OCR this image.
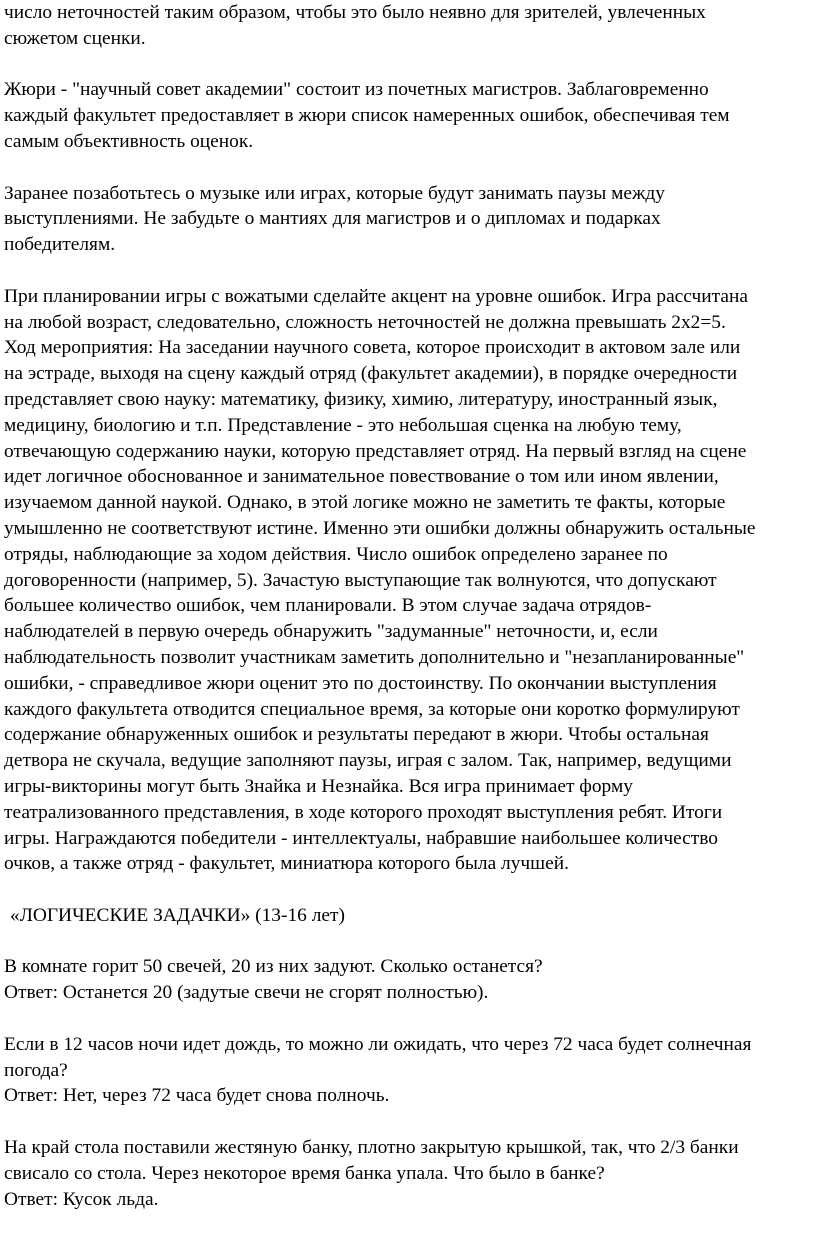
число неточностей таким образом, чтобы это было неявно для зрителей, увлеченных
сюжетом сценки.
Жюри - "научный совет академии" состоит из почетных магистров. Заблаговременно
каждый факультет предоставляет в жюри список намеренных ошибок, обеспечивая тем
самым объективность оценок.
Заранее позаботьтесь о музыке или играх, которые будут занимать паузы между
выступлениями. Не забудьте о мантиях для магистров и о дипломах и подарках
победителям.
При планировании игры с вожатыми сделайте акцент на уровне ошибок. Игра рассчитана
на любой возраст, следовательно, сложность неточностей не должна превышать 2х2=5.
Ход мероприятия: На заседании научного совета, которое происходит в актовом зале или
на эстраде, выходя на сцену каждый отряд (факультет академии), в порядке очередности
представляет свою науку: математику, физику, химию, литературу, иностранный язык,
медицину, биологию и т.п. Представление - это небольшая сценка на любую тему,
отвечающую содержанию науки, которую представляет отряд. На первый взгляд на сцене
идет логичное обоснованное и занимательное повествование о том или ином явлении,
изучаемом данной наукой. Однако, в этой логике можно не заметить те факты, которые
умышленно не соответствуют истине. Именно эти ошибки должны обнаружить остальные
отряды, наблюдающие за ходом действия. Число ошибок определено заранее по
договоренности (например, 5). Зачастую выступающие так волнуются, что допускают
большее количество ошибок, чем планировали. В этом случае задача отрядов-
наблюдателей в первую очередь обнаружить "задуманные" неточности, и, если
наблюдательность позволит участникам заметить дополнительно и "незапланированные"
ошибки, - справедливое жюри оценит это по достоинству. По окончании выступления
каждого факультета отводится специальное время, за которые они коротко формулируют
содержание обнаруженных ошибок и результаты передают в жюри. Чтобы остальная
детвора не скучала, ведущие заполняют паузы, играя с залом. Так, например, ведущими
игры-викторины могут быть Знайка и Незнайка. Вся игра принимает форму
театрализованного представления, в ходе которого проходят выступления ребят. Итоги
игры. Награждаются победители - интеллектуалы, набравшие наибольшее количество
очков, а также отряд - факультет, миниатюра которого была лучшей.
«ЛОГИЧЕСКИЕ ЗАДАЧКИ» (13-16 лет)
В комнате горит 50 свечей, 20 из них задуют. Сколько останется?
Ответ: Останется 20 (задутые свечи не сгорят полностью).
Если в 12 часов ночи идет дождь, то можно ли ожидать, что через 72 часа будет солнечная
погода?
Ответ: Нет, через 72 часа будет снова полночь.
На край стола поставили жестяную банку, плотно закрытую крышкой, так, что 2/3 банки
свисало со стола. Через некоторое время банка упала. Что было в банке?
Ответ: Кусок льда.
